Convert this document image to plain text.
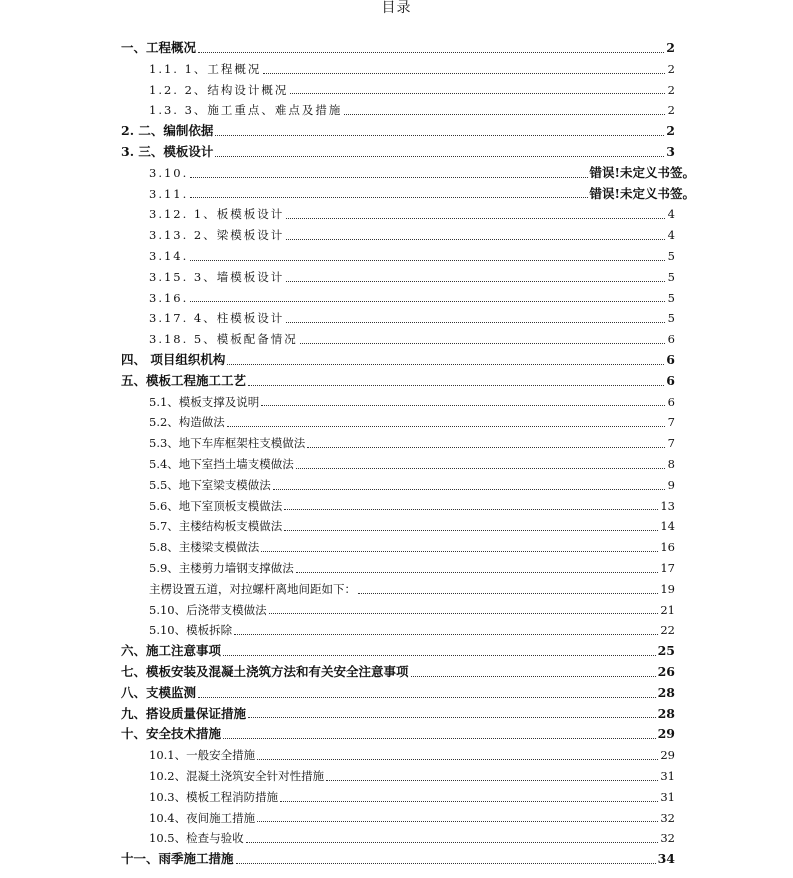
目录
一、工程概况	2
1.1. 1、工程概况	2
1.2. 2、结构设计概况	2
1.3. 3、施工重点、难点及措施	2
2. 二、编制依据	2
3. 三、模板设计	3
3.10.	错误!未定义书签。
3.11.	错误!未定义书签。
3.12. 1、板模板设计	4
3.13. 2、梁模板设计	4
3.14.	5
3.15. 3、墙模板设计	5
3.16.	5
3.17. 4、柱模板设计	5
3.18. 5、模板配备情况	6
四、 项目组织机构	6
五、模板工程施工工艺	6
5.1、模板支撑及说明	6
5.2、构造做法	7
5.3、地下车库框架柱支模做法	7
5.4、地下室挡土墙支模做法	8
5.5、地下室梁支模做法	9
5.6、地下室顶板支模做法	13
5.7、主楼结构板支模做法	14
5.8、主楼梁支模做法	16
5.9、主楼剪力墙钢支撑做法	17
主楞设置五道，对拉螺杆离地间距如下：	19
5.10、后浇带支模做法	21
5.10、模板拆除	22
六、施工注意事项	25
七、模板安装及混凝土浇筑方法和有关安全注意事项	26
八、支模监测	28
九、搭设质量保证措施	28
十、安全技术措施	29
10.1、一般安全措施	29
10.2、混凝土浇筑安全针对性措施	31
10.3、模板工程消防措施	31
10.4、夜间施工措施	32
10.5、检查与验收	32
十一、雨季施工措施	34
